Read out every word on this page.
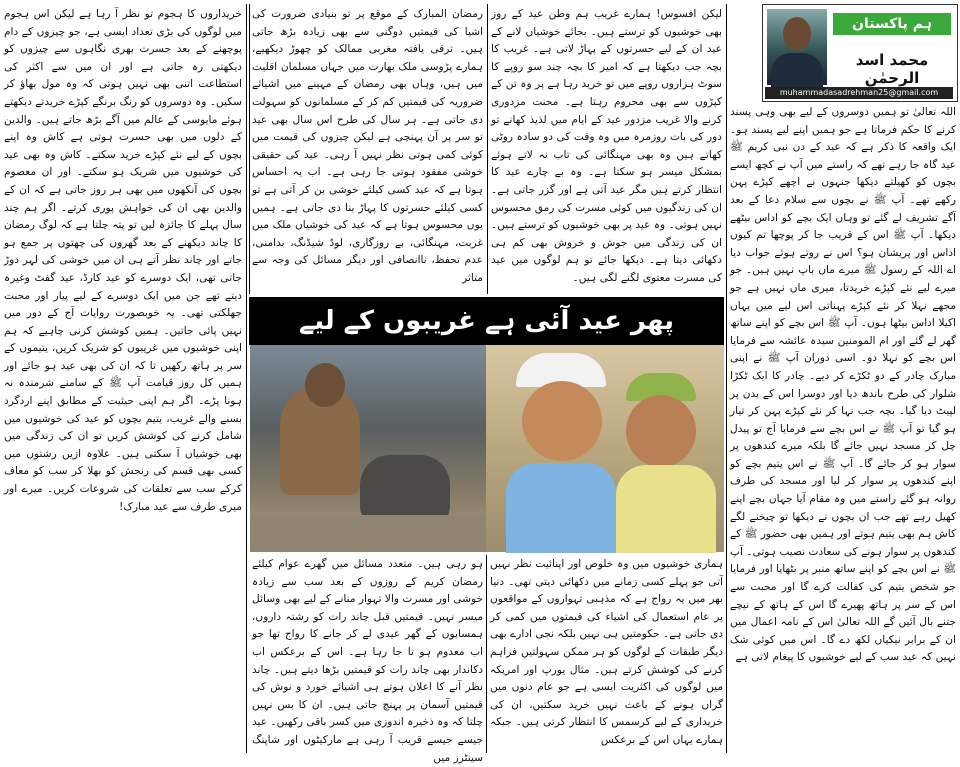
ہم پاکستان
محمد اسد الرحمٰن
muhammadasadrehman25@gmail.com

اللہ تعالیٰ تو ہمیں دوسروں کے لیے بھی وہی پسند کرنے کا حکم فرماتا ہے جو ہمیں اپنے لیے پسند ہو۔ ایک واقعہ کا ذکر ہے کہ عید کے دن نبی کریم ﷺ عید گاہ جا رہے تھے کہ راستے میں آپ نے کچھ ایسے بچوں کو کھیلتے دیکھا جنہوں نے اچھے کپڑے پہن رکھے تھے۔ آپ ﷺ نے بچوں سے سلام دعا کے بعد آگے تشریف لے گئے تو وہاں ایک بچے کو اداس بیٹھے دیکھا۔ آپ ﷺ اس کے قریب جا کر پوچھا تم کیوں اداس اور پریشان ہو؟ اس نے روتے ہوئے جواب دیا اے اللہ کے رسول ﷺ میرے ماں باپ نہیں ہیں۔ جو میرے لیے نئے کپڑے خریدتا، میری ماں نہیں ہے جو مجھے نہلا کر نئے کپڑے پہناتی اس لیے میں یہاں اکیلا اداس بیٹھا ہوں۔ آپ ﷺ اس بچے کو اپنے ساتھ گھر لے گئے اور ام المومنین سیدہ عائشہ سے فرمایا اس بچے کو نہلا دو۔ اسی دوران آپ ﷺ نے اپنی مبارک چادر کے دو ٹکڑے کر دیے۔ چادر کا ایک ٹکڑا شلوار کی طرح باندھ دیا اور دوسرا اس کے بدن پر لپیٹ دیا گیا۔ بچہ جب نہا کر نئے کپڑے پہن کر تیار ہو گیا تو آپ ﷺ نے اس بچے سے فرمایا آج تو پیدل چل کر مسجد نہیں جائے گا بلکہ میرے کندھوں پر سوار ہو کر جائے گا۔ آپ ﷺ نے اس یتیم بچے کو اپنے کندھوں پر سوار کر لیا اور مسجد کی طرف روانہ ہو گئے راستے میں وہ مقام آیا جہاں بچے اپنے کھیل رہے تھے جب ان بچوں نے دیکھا تو چیخنے لگے کاش ہم بھی یتیم ہوتے اور ہمیں بھی حضور ﷺ کے کندھوں پر سوار ہونے کی سعادت نصیب ہوتی۔ آپ ﷺ نے اس بچے کو اپنے ساتھ منبر پر بٹھایا اور فرمایا جو شخص یتیم کی کفالت کرے گا اور محبت سے اس کے سر پر ہاتھ پھیرے گا اس کے ہاتھ کے نیچے جتنے بال آئیں گے اللہ تعالیٰ اس کے نامہ اعمال میں ان کے برابر نیکیاں لکھ دے گا۔ اس میں کوئی شک نہیں کہ عید سب کے لیے خوشیوں کا پیغام لاتی ہے

لیکن افسوس! ہمارے غریب ہم وطن عید کے روز بھی خوشیوں کو ترستے ہیں۔ بجائے خوشیاں لانے کے عید ان کے لیے حسرتوں کے پہاڑ لاتی ہے۔ غریب کا بچہ جب دیکھتا ہے کہ امیر کا بچہ چند سو روپے کا سوٹ ہزاروں روپے میں تو خرید رہا ہے پر وہ تن کے کپڑوں سے بھی محروم رہتا ہے۔ محنت مزدوری کرنے والا غریب مزدور عید کے ایام میں لذیذ کھانے تو دور کی بات روزمرہ میں وہ وقت کی دو سادہ روٹی کھاتے ہیں وہ بھی مہنگائی کی تاب نہ لاتے ہوئے بمشکل میسر ہو سکتا ہے۔ وہ بے چارے عید کا انتظار کرتے ہیں مگر عید آتی ہے اور گزر جاتی ہے۔ ان کی زندگیوں میں کوئی مسرت کی رمق محسوس نہیں ہوتی۔ وہ عید پر بھی خوشیوں کو ترستے ہیں۔ ان کی زندگی میں جوش و خروش بھی کم ہی دکھائی دیتا ہے۔ دیکھا جائے تو ہم لوگوں میں عید کی مسرت معنوی لگنے لگی ہیں۔

رمضان المبارک کے موقع پر تو بنیادی ضرورت کی اشیا کی قیمتیں دوگنی سے بھی زیادہ بڑھ جاتی ہیں۔ ترقی یافتہ مغربی ممالک کو چھوڑ دیکھیے، ہمارے پڑوسی ملک بھارت میں جہاں مسلمان اقلیت میں ہیں، وہاں بھی رمضان کے مہینے میں اشیائے ضروریہ کی قیمتیں کم کر کے مسلمانوں کو سہولت دی جاتی ہے۔ ہر سال کی طرح اس سال بھی عید تو سر پر آن پہنچی ہے لیکن چیزوں کی قیمت میں کوئی کمی ہوتی نظر نہیں آ رہی۔ عید کی حقیقی خوشی مفقود ہوتی جا رہی ہے۔ اب یہ احساس ہوتا ہے کہ عید کسی کیلئے خوشی بن کر آتی ہے تو کسی کیلئے حسرتوں کا پہاڑ بنا دی جاتی ہے۔ ہمیں یوں محسوس ہوتا ہے کہ عید کی خوشیاں ملک میں غربت، مہنگائی، بے روزگاری، لوڈ شیڈنگ، بدامنی، عدم تحفظ، ناانصافی اور دیگر مسائل کی وجہ سے متاثر

خریداروں کا ہجوم تو نظر آ رہا ہے لیکن اس ہجوم میں لوگوں کی بڑی تعداد ایسی ہے، جو چیزوں کے دام پوچھنے کے بعد حسرت بھری نگاہوں سے چیزوں کو دیکھتی رہ جاتی ہے اور ان میں سے اکثر کی استطاعت اتنی بھی نہیں ہوتی کہ وہ مول بھاؤ کر سکیں۔ وہ دوسروں کو رنگ برنگے کپڑے خریدتے دیکھتے ہوئے مایوسی کے عالم میں آگے بڑھ جاتے ہیں۔ والدین کے دلوں میں بھی حسرت ہوتی ہے کاش وہ اپنے بچوں کے لیے نئے کپڑے خرید سکتے۔ کاش وہ بھی عید کی خوشیوں میں شریک ہو سکتے۔ اور ان معصوم بچوں کی آنکھوں میں بھی ہر روز جاتی ہے کہ ان کے والدین بھی ان کی خواہش پوری کرتے۔ اگر ہم چند سال پہلے کا جائزہ لیں تو پتہ چلتا ہے کہ لوگ رمضان کا چاند دیکھنے کے بعد گھروں کی چھتوں پر جمع ہو جاتے اور چاند نظر آتے ہی ان میں خوشی کی لہر دوڑ جاتی تھی، ایک دوسرے کو عید کارڈ، عید گفٹ وغیرہ دیتے تھے جن میں ایک دوسرے کے لیے پیار اور محبت جھلکتی تھی۔ یہ خوبصورت روایات آج کے دور میں نہیں پائی جاتیں۔ ہمیں کوشش کرنی چاہیے کہ ہم اپنی خوشیوں میں غریبوں کو شریک کریں، یتیموں کے سر پر ہاتھ رکھیں تا کہ ان کی بھی عید ہو جائے اور ہمیں کل روز قیامت آپ ﷺ کے سامنے شرمندہ نہ ہونا پڑے۔ اگر ہم اپنی حیثیت کے مطابق اپنے اردگرد بسنے والے غریب، یتیم بچوں کو عید کی خوشیوں میں شامل کرنے کی کوشش کریں تو ان کی زندگی میں بھی خوشیاں آ سکتی ہیں۔ علاوہ ازیں رشتوں میں کسی بھی قسم کی رنجش کو بھلا کر سب کو معاف کرکے سب سے تعلقات کی شروعات کریں۔ میرے اور میری طرف سے عید مبارک!

ہماری خوشیوں میں وہ خلوص اور اپنائیت نظر نہیں آتی جو پہلے کسی زمانے میں دکھائی دیتی تھی۔ دنیا بھر میں یہ رواج ہے کہ مذہبی تہواروں کے مواقعوں پر عام استعمال کی اشیاء کی قیمتوں میں کمی کر دی جاتی ہے۔ حکومتیں ہی نہیں بلکہ نجی ادارے بھی دیگر طبقات کے لوگوں کو ہر ممکن سہولتیں فراہم کرنے کی کوشش کرتے ہیں۔ مثال یورپ اور امریکہ میں لوگوں کی اکثریت ایسی ہے جو عام دنوں میں گراں ہونے کے باعث نہیں خرید سکتیں، ان کی خریداری کے لیے کرسمس کا انتظار کرتی ہیں۔ جبکہ ہمارے یہاں اس کے برعکس

ہو رہی ہیں۔ متعدد مسائل میں گھرے عوام کیلئے رمضان کریم کے روزوں کے بعد سب سے زیادہ خوشی اور مسرت والا تہوار منانے کے لیے بھی وسائل میسر نہیں۔ قیمتیں قبل چاند رات کو رشتہ داروں، ہمسایوں کے گھر عیدی لے کر جانے کا رواج تھا جو اب معدوم ہو تا جا رہا ہے۔ اس کے برعکس اب دکاندار بھی چاند رات کو قیمتیں بڑھا دیتے ہیں۔ چاند نظر آنے کا اعلان ہوتے ہی اشیائے خورد و نوش کی قیمتیں آسمان پر پہنچ جاتی ہیں۔ ان کا بس نہیں چلتا کہ وہ ذخیرہ اندوزی میں کسر باقی رکھیں۔ عید جیسے جیسے قریب آ رہی ہے مارکیٹوں اور شاپنگ سینٹرز میں

پھر عید آئی ہے غریبوں کے لیے
